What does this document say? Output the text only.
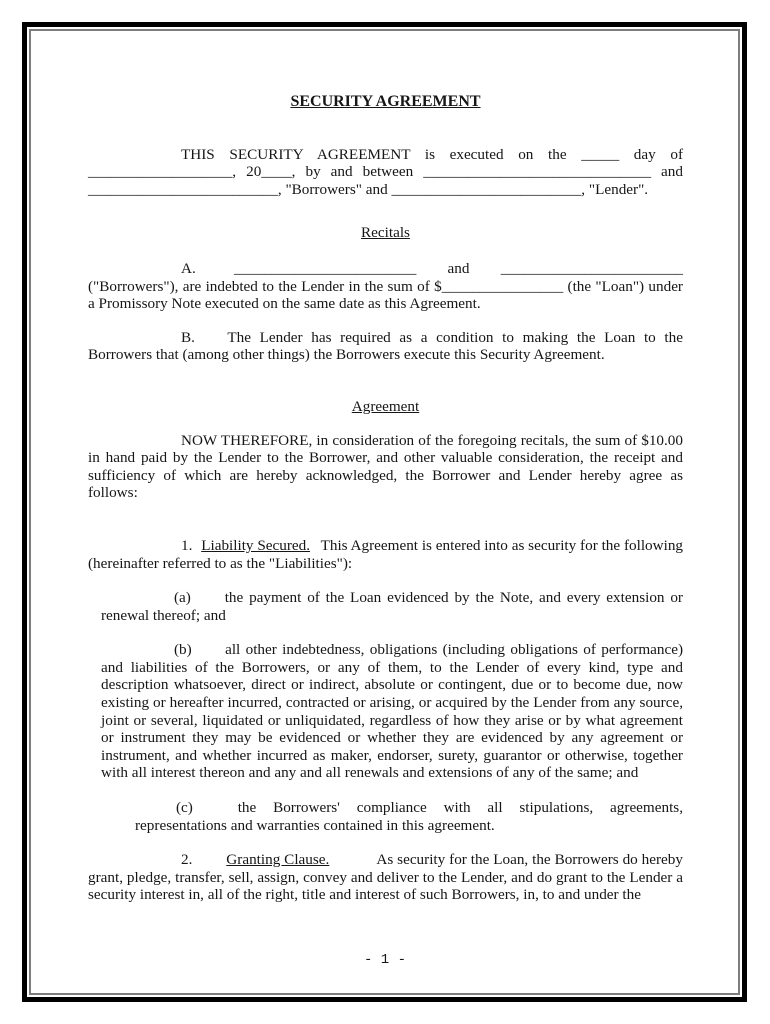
SECURITY AGREEMENT

THIS SECURITY AGREEMENT is executed on the _____ day of ___________________, 20____, by and between ______________________________ and _________________________, "Borrowers" and _________________________, "Lender".

Recitals

A.	________________________ and ________________________ ("Borrowers"), are indebted to the Lender in the sum of $________________ (the "Loan") under a Promissory Note executed on the same date as this Agreement.

B. The Lender has required as a condition to making the Loan to the Borrowers that (among other things) the Borrowers execute this Security Agreement.

Agreement

NOW THEREFORE, in consideration of the foregoing recitals, the sum of $10.00 in hand paid by the Lender to the Borrower, and other valuable consideration, the receipt and sufficiency of which are hereby acknowledged, the Borrower and Lender hereby agree as follows:

1. Liability Secured. This Agreement is entered into as security for the following (hereinafter referred to as the "Liabilities"):

(a) the payment of the Loan evidenced by the Note, and every extension or renewal thereof; and

(b) all other indebtedness, obligations (including obligations of performance) and liabilities of the Borrowers, or any of them, to the Lender of every kind, type and description whatsoever, direct or indirect, absolute or contingent, due or to become due, now existing or hereafter incurred, contracted or arising, or acquired by the Lender from any source, joint or several, liquidated or unliquidated, regardless of how they arise or by what agreement or instrument they may be evidenced or whether they are evidenced by any agreement or instrument, and whether incurred as maker, endorser, surety, guarantor or otherwise, together with all interest thereon and any and all renewals and extensions of any of the same; and

(c)	the Borrowers' compliance with all stipulations, agreements, representations and warranties contained in this agreement.

2. Granting Clause.	As security for the Loan, the Borrowers do hereby grant, pledge, transfer, sell, assign, convey and deliver to the Lender, and do grant to the Lender a security interest in, all of the right, title and interest of such Borrowers, in, to and under the

- 1 -
